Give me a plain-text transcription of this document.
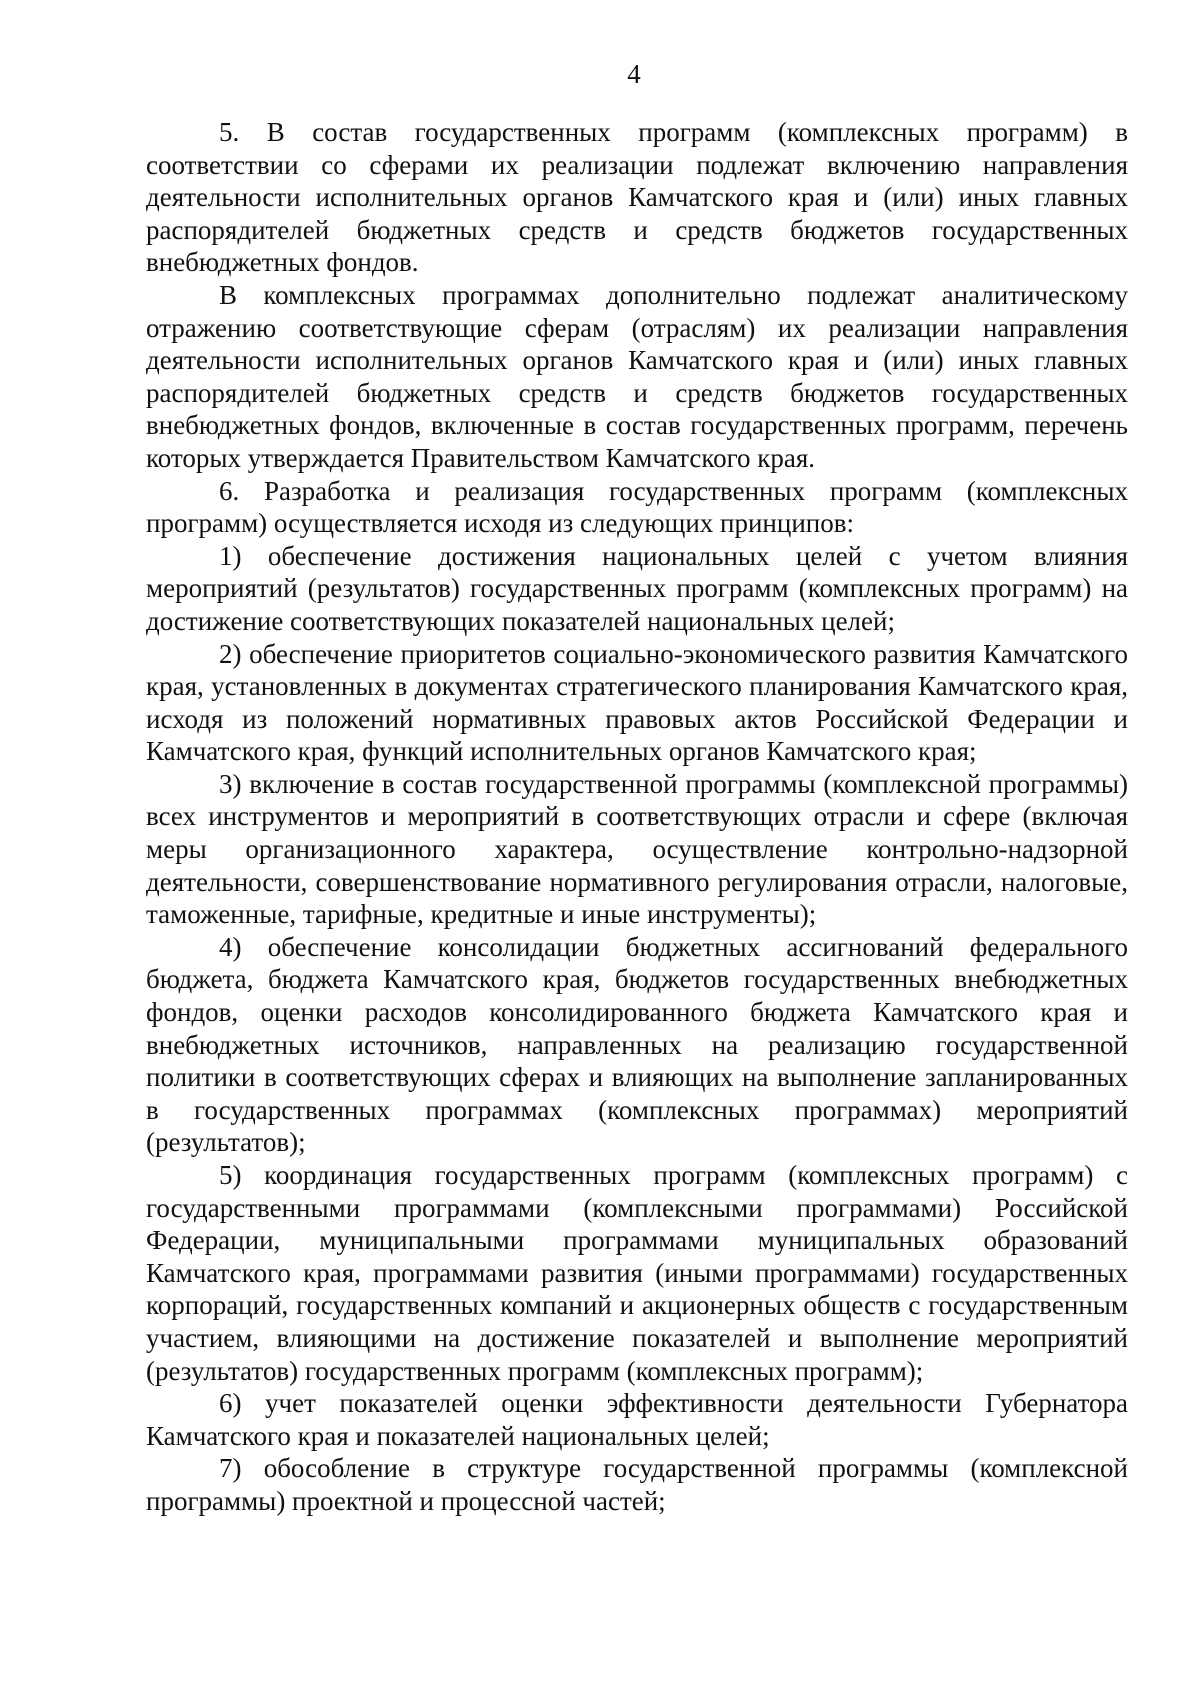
4

5. В состав государственных программ (комплексных программ) в соответствии со сферами их реализации подлежат включению направления деятельности исполнительных органов Камчатского края и (или) иных главных распорядителей бюджетных средств и средств бюджетов государственных внебюджетных фондов.

В комплексных программах дополнительно подлежат аналитическому отражению соответствующие сферам (отраслям) их реализации направления деятельности исполнительных органов Камчатского края и (или) иных главных распорядителей бюджетных средств и средств бюджетов государственных внебюджетных фондов, включенные в состав государственных программ, перечень которых утверждается Правительством Камчатского края.

6. Разработка и реализация государственных программ (комплексных программ) осуществляется исходя из следующих принципов:

1) обеспечение достижения национальных целей с учетом влияния мероприятий (результатов) государственных программ (комплексных программ) на достижение соответствующих показателей национальных целей;

2) обеспечение приоритетов социально-экономического развития Камчатского края, установленных в документах стратегического планирования Камчатского края, исходя из положений нормативных правовых актов Российской Федерации и Камчатского края, функций исполнительных органов Камчатского края;

3) включение в состав государственной программы (комплексной программы) всех инструментов и мероприятий в соответствующих отрасли и сфере (включая меры организационного характера, осуществление контрольно-надзорной деятельности, совершенствование нормативного регулирования отрасли, налоговые, таможенные, тарифные, кредитные и иные инструменты);

4) обеспечение консолидации бюджетных ассигнований федерального бюджета, бюджета Камчатского края, бюджетов государственных внебюджетных фондов, оценки расходов консолидированного бюджета Камчатского края и внебюджетных источников, направленных на реализацию государственной политики в соответствующих сферах и влияющих на выполнение запланированных в государственных программах (комплексных программах) мероприятий (результатов);

5) координация государственных программ (комплексных программ) с государственными программами (комплексными программами) Российской Федерации, муниципальными программами муниципальных образований Камчатского края, программами развития (иными программами) государственных корпораций, государственных компаний и акционерных обществ с государственным участием, влияющими на достижение показателей и выполнение мероприятий (результатов) государственных программ (комплексных программ);

6) учет показателей оценки эффективности деятельности Губернатора Камчатского края и показателей национальных целей;

7) обособление в структуре государственной программы (комплексной программы) проектной и процессной частей;
